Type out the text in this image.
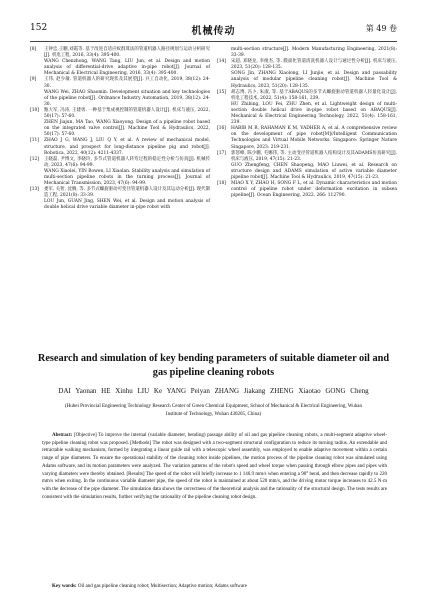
152	机械传动	第 49 卷
[8] 王钟忠,王鹏,刘霞等. 基于改进自适应蚁群算法的管道机器人路径规划与运动分析研究[J]. 机电工程, 2016, 33(4): 395-400.
WANG Chenzhong, WANG Tang, LIU Jun, et al. Design and motion analysis of differential-drive adaptive in-pipe robot[J]. Journal of Mechanical & Electrical Engineering, 2016, 33(4): 395-400.
[9] 王伟, 赵少敏. 管道机器人的研究现状及其展望[J]. 兵工自动化, 2019, 38(12): 24-30.
WANG Wei, ZHAO Shaomin. Development situation and key technologies of the pipeline robot[J]. Ordnance Industry Automation, 2019, 38(12): 24-30.
[10] 甄大军, 冯涛, 王建勇. 一种基于集成视控制的管道机器人设计[J]. 机床与液压, 2022, 50(17): 57-60.
ZHEN Jiajun, MA Tao, WANG Xiaoyong. Design of a pipeline robot based on the integrated valve control[J]. Machine Tool & Hydraulics, 2022, 50(17): 57-60.
[11] ZHAO J G, WANG J, LIU Q Y, et al. A review of mechanical model, structure, and prospect for long-distance pipeline pig and robot[J]. Robotica, 2022, 40(12): 4211-4337.
[12] 王晓磊, 尹博文, 李晓玲, 多节式管道机器人转弯过程的稳定性分析与仿真[J]. 机械传动, 2023, 47(6): 94-99.
WANG Xiaolei, YIN Bowen, LI Xiaolan. Stability analysis and simulation of multi-section pipeline robots in the turning process[J]. Journal of Mechanical Transmission, 2023, 47(6): 94-99.
[13] 娄军, 关智, 沈腾, 等. 多节式螺旋驱动可变径管道机器人设计及其运动分析[J]. 现代制造工程, 2021(8): 33-39.
LOU Jun, GUAN Jing, SHEN Wei, et al. Design and motion analysis of double helical drive variable diameter in-pipe robot with
multi-section structure[J]. Modern Manufacturing Engineering, 2021(8): 33-39.
[14] 宋超, 邓晓龙, 李俊杰, 等. 膜面化管道清洗机器人设计与通过性分析[J]. 机床与液压, 2023, 51(20): 128-135.
SONG Jin, ZHANG Xiaolong, LI Junjie, et al. Design and passability analysis of modular pipeline cleaning robot[J]. Machine Tool & Hydraulics, 2023, 51(20): 128-135.
[15] 胡志博, 冯卜, 朱淑, 等. 基于ABAQUS的多节式螺旋驱动管道机器人轻量化设计[J]. 机电工程技术, 2022, 51(4): 158-161, 239.
HU Zhibing, LOU Fei, ZHU Zhen, et al. Lightweight design of multi-section double helical drive in-pipe robot based on ABAQUS[J]. Mechanical & Electrical Engineering Technology, 2022, 51(4): 158-161, 239.
[16] HABIB M R, RAHAMAN K M, VADHER A, et al. A comprehensive review on the development of pipe robot[M]//Intelligent Communication Technologies and Virtual Mobile Networks. Singapore: Springer Nature Singapore, 2023: 219-231.
[17] 郭怒峰, 陈少鹏, 毛娜伟, 等. 主动变径管道机器人结构设计及其ADAMS仿真研究[J]. 机床与液压, 2019, 47(15): 21-23.
GUO Zhengfeng, CHEN Shaopeng, MAO Liuwei, et al. Research on structure design and ADAMS simulation of active variable diameter pipeline robot[J]. Machine Tool & Hydraulics, 2019, 47(15): 21-23.
[18] MIAO X Y, ZHAO H, SONG F L, et al. Dynamic characteristics and motion control of pipeline robot under deformation excitation in subsea pipeline[J]. Ocean Engineering, 2022, 266: 112790.
Research and simulation of key bending parameters of suitable diameter oil and gas pipeline cleaning robots
DAI Yaonan HE Xinhu LIU Ke YANG Peiyan ZHANG Jiakang ZHENG Xiaotao GONG Cheng
(Hubei Provincial Engineering Technology Research Center of Green Chemical Equipment, School of Mechanical & Electrical Engineering, Wuhan Institute of Technology, Wuhan 430205, China)
Abstract: [Objective] To improve the internal (variable diameter, bending) passage ability of oil and gas pipeline cleaning robots, a multi-segment adaptive wheel-type pipeline cleaning robot was proposed. [Methods] The robot was designed with a two-segment structural configuration to reduce its turning radius. An extendable and retractable walking mechanism, formed by integrating a linear guide rail with a telescopic wheel assembly, was employed to enable adaptive movement within a certain range of pipe diameters. To ensure the operational stability of the cleaning robot inside pipelines, the motion process of the pipeline cleaning robot was simulated using Adams software, and its motion parameters were analyzed. The variation patterns of the robot's speed and wheel torque when passing through elbow pipes and pipes with varying diameters were thereby obtained. [Results] The speed of the robot will briefly increase to 1 146.9 mm/s when entering a 90° bend, and then decrease rapidly to 220 mm/s when exiting. In the continuous variable diameter pipe, the speed of the robot is maintained at about 520 mm/s, and the driving motor torque increases to 42.5 N·m with the decrease of the pipe diameter. The simulation data shows the correctness of the theoretical analysis and the rationality of the structural design. The tests results are consistent with the simulation results, further verifying the rationality of the pipeline cleaning robot design.
Key words: Oil and gas pipeline cleaning robot; Multisection; Adaptive motion; Adams software
